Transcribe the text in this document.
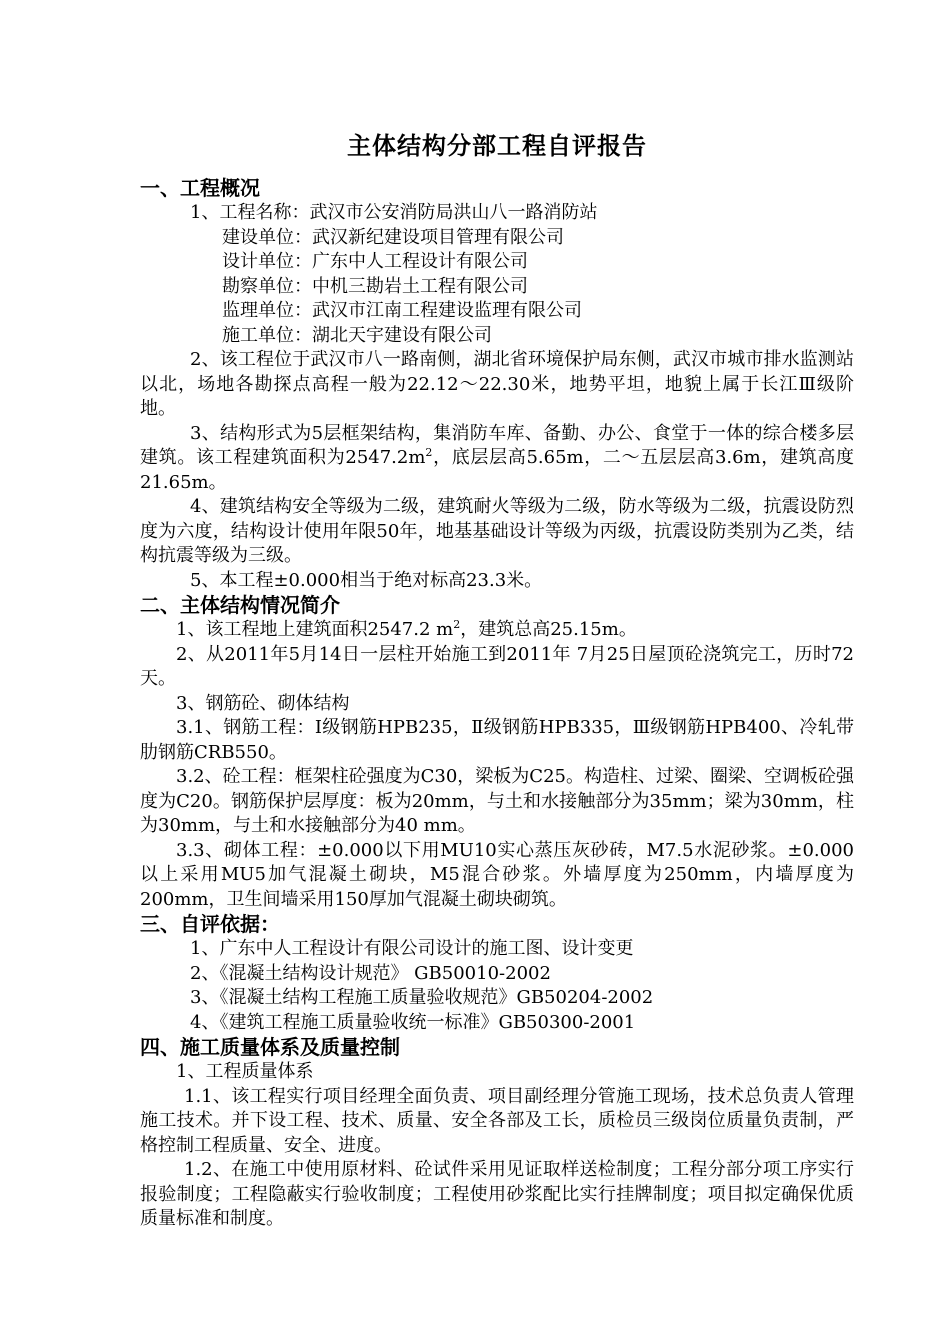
主体结构分部工程自评报告
一、工程概况
1、工程名称：武汉市公安消防局洪山八一路消防站
建设单位：武汉新纪建设项目管理有限公司
设计单位：广东中人工程设计有限公司
勘察单位：中机三勘岩土工程有限公司
监理单位：武汉市江南工程建设监理有限公司
施工单位：湖北天宇建设有限公司
2、该工程位于武汉市八一路南侧，湖北省环境保护局东侧，武汉市城市排水监测站以北，场地各勘探点高程一般为22.12～22.30米，地势平坦，地貌上属于长江Ⅲ级阶地。
3、结构形式为5层框架结构，集消防车库、备勤、办公、食堂于一体的综合楼多层建筑。该工程建筑面积为$2547.2m^2$，底层层高5.65m，二～五层层高3.6m，建筑高度21.65m。
4、建筑结构安全等级为二级，建筑耐火等级为二级，防水等级为二级，抗震设防烈度为六度，结构设计使用年限50年，地基基础设计等级为丙级，抗震设防类别为乙类，结构抗震等级为三级。
5、本工程±0.000相当于绝对标高23.3米。
二、主体结构情况简介
1、该工程地上建筑面积2547.2 $m^2$，建筑总高25.15m。
2、从2011年5月14日一层柱开始施工到2011年 7月25日屋顶砼浇筑完工，历时72天。
3、钢筋砼、砌体结构
3.1、钢筋工程：Ⅰ级钢筋HPB235，Ⅱ级钢筋HPB335，Ⅲ级钢筋HPB400、冷轧带肋钢筋CRB550。
3.2、砼工程：框架柱砼强度为C30，梁板为C25。构造柱、过梁、圈梁、空调板砼强度为C20。钢筋保护层厚度：板为20mm，与土和水接触部分为35mm；梁为30mm，柱为30mm，与土和水接触部分为40 mm。
3.3、砌体工程：±0.000以下用MU10实心蒸压灰砂砖，M7.5水泥砂浆。±0.000以上采用MU5加气混凝土砌块，M5混合砂浆。外墙厚度为250mm，内墙厚度为200mm，卫生间墙采用150厚加气混凝土砌块砌筑。
三、自评依据：
1、广东中人工程设计有限公司设计的施工图、设计变更
2、《混凝土结构设计规范》 GB50010-2002
3、《混凝土结构工程施工质量验收规范》GB50204-2002
4、《建筑工程施工质量验收统一标准》GB50300-2001
四、施工质量体系及质量控制
1、工程质量体系
1.1、该工程实行项目经理全面负责、项目副经理分管施工现场，技术总负责人管理施工技术。并下设工程、技术、质量、安全各部及工长，质检员三级岗位质量负责制，严格控制工程质量、安全、进度。
1.2、在施工中使用原材料、砼试件采用见证取样送检制度；工程分部分项工序实行报验制度；工程隐蔽实行验收制度；工程使用砂浆配比实行挂牌制度；项目拟定确保优质质量标准和制度。
